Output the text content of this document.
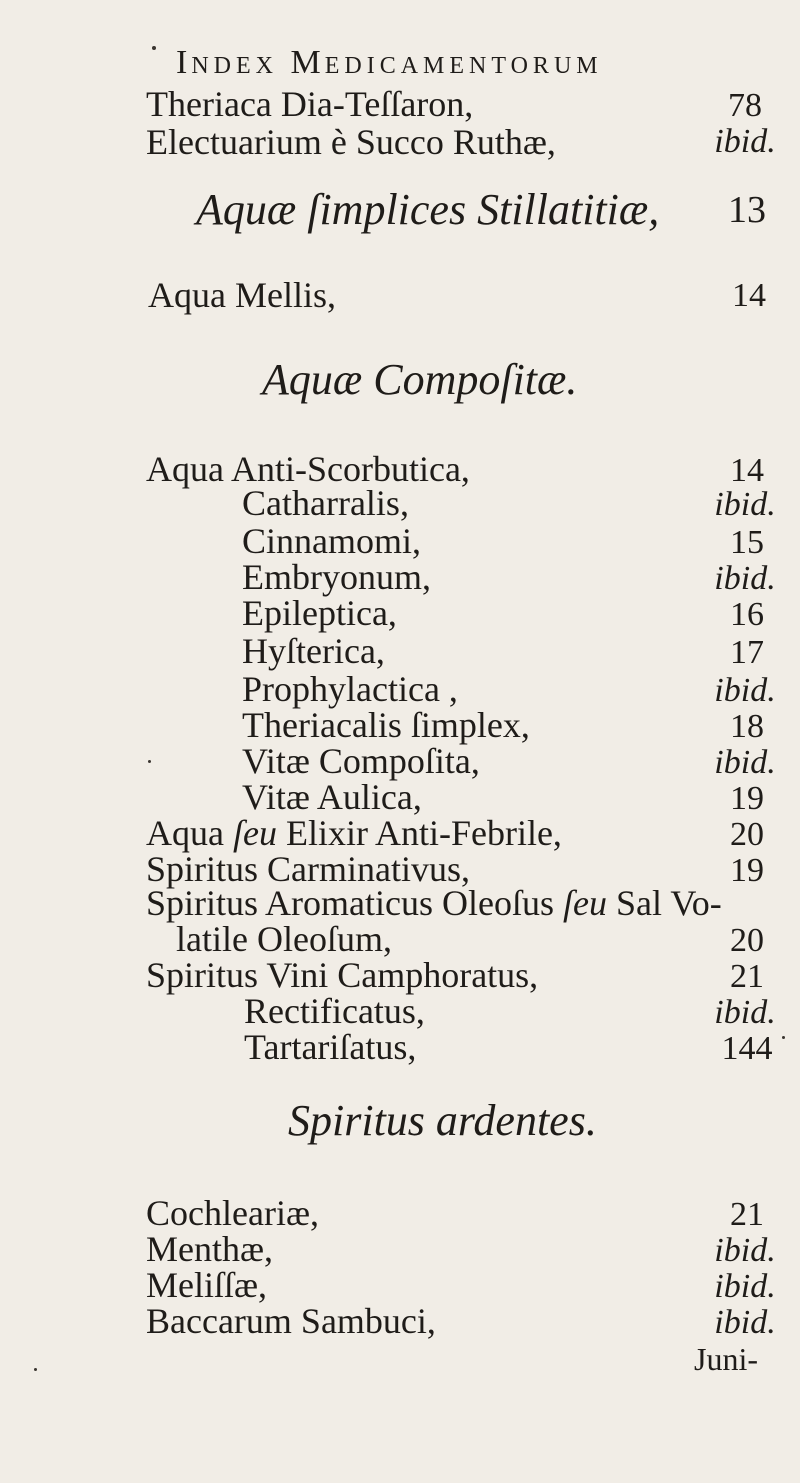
INDEX MEDICAMENTORUM
Theriaca Dia-Teſſaron,	78
Electuarium è Succo Ruthæ,	ibid.
Aquæ ſimplices Stillatitiæ,	13
Aqua Mellis,	14
Aquæ Compoſitæ.
Aqua Anti-Scorbutica,	14
Catharralis,	ibid.
Cinnamomi,	15
Embryonum,	ibid.
Epileptica,	16
Hyſterica,	17
Prophylactica ,	ibid.
Theriacalis ſimplex,	18
Vitæ Compoſita,	ibid.
Vitæ Aulica,	19
Aqua ſeu Elixir Anti-Febrile,	20
Spiritus Carminativus,	19
Spiritus Aromaticus Oleoſus ſeu Sal Vo-
latile Oleoſum,	20
Spiritus Vini Camphoratus,	21
Rectificatus,	ibid.
Tartariſatus,	144
Spiritus ardentes.
Cochleariæ,	21
Menthæ,	ibid.
Meliſſæ,	ibid.
Baccarum Sambuci,	ibid.
Juni-
